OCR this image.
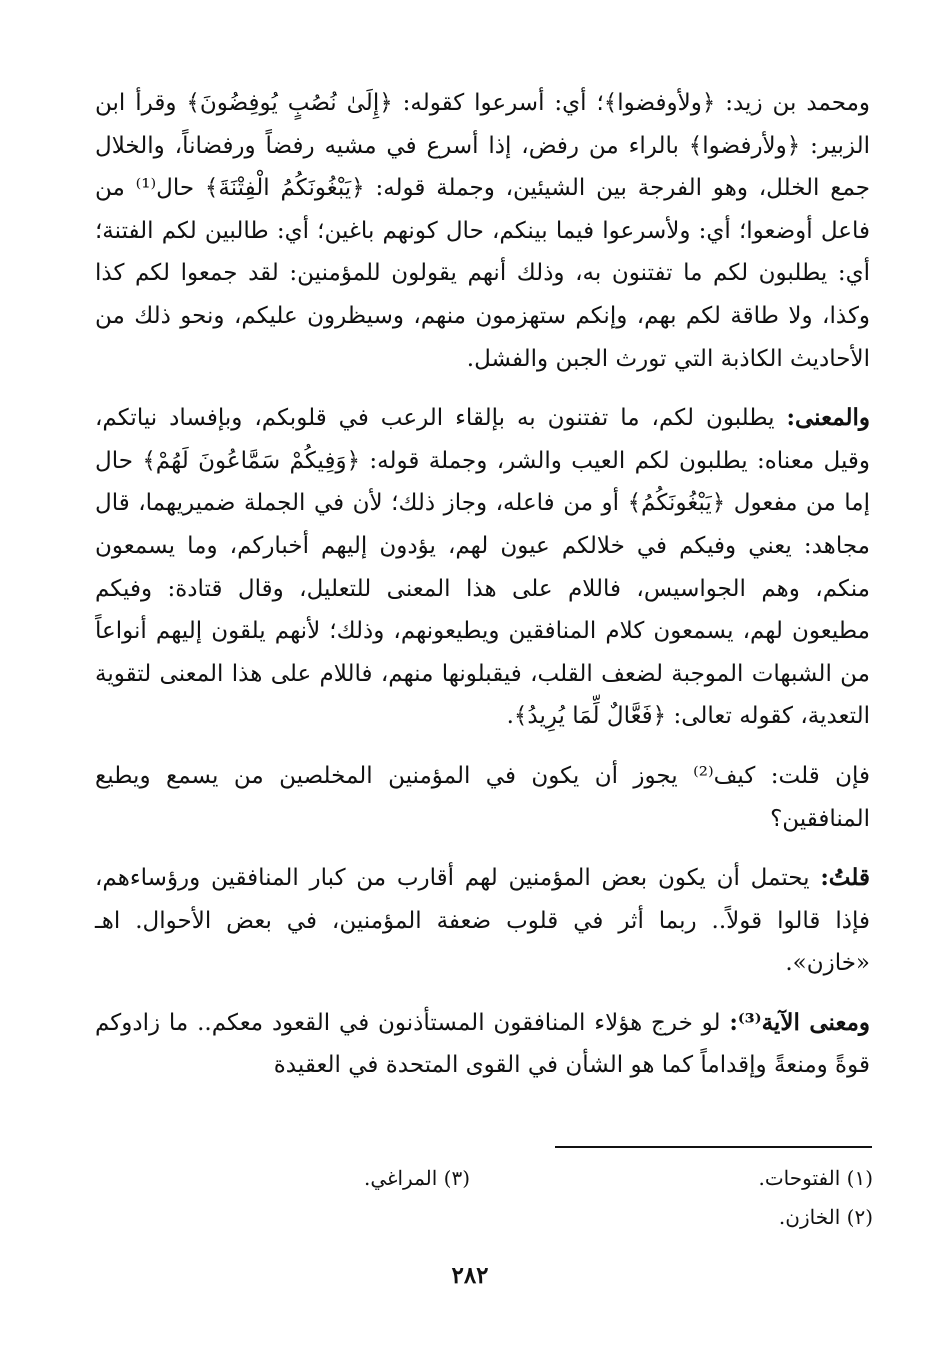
ومحمد بن زيد: ﴿ولأوفضوا﴾؛ أي: أسرعوا كقوله: ﴿إِلَىٰ نُصُبٍ يُوفِضُونَ﴾ وقرأ ابن الزبير: ﴿ولأرفضوا﴾ بالراء من رفض، إذا أسرع في مشيه رفضاً ورفضاناً، والخلال جمع الخلل، وهو الفرجة بين الشيئين، وجملة قوله: ﴿يَبْغُونَكُمُ الْفِتْنَةَ﴾ حال⁽¹⁾ من فاعل أوضعوا؛ أي: ولأسرعوا فيما بينكم، حال كونهم باغين؛ أي: طالبين لكم الفتنة؛ أي: يطلبون لكم ما تفتنون به، وذلك أنهم يقولون للمؤمنين: لقد جمعوا لكم كذا وكذا، ولا طاقة لكم بهم، وإنكم ستهزمون منهم، وسيظرون عليكم، ونحو ذلك من الأحاديث الكاذبة التي تورث الجبن والفشل.

والمعنى: يطلبون لكم، ما تفتنون به بإلقاء الرعب في قلوبكم، وبإفساد نياتكم، وقيل معناه: يطلبون لكم العيب والشر، وجملة قوله: ﴿وَفِيكُمْ سَمَّاعُونَ لَهُمْ﴾ حال إما من مفعول ﴿يَبْغُونَكُمُ﴾ أو من فاعله، وجاز ذلك؛ لأن في الجملة ضميريهما، قال مجاهد: يعني وفيكم في خلالكم عيون لهم، يؤدون إليهم أخباركم، وما يسمعون منكم، وهم الجواسيس، فاللام على هذا المعنى للتعليل، وقال قتادة: وفيكم مطيعون لهم، يسمعون كلام المنافقين ويطيعونهم، وذلك؛ لأنهم يلقون إليهم أنواعاً من الشبهات الموجبة لضعف القلب، فيقبلونها منهم، فاللام على هذا المعنى لتقوية التعدية، كقوله تعالى: ﴿فَعَّالٌ لِّمَا يُرِيدُ﴾.

فإن قلت: كيف⁽²⁾ يجوز أن يكون في المؤمنين المخلصين من يسمع ويطيع المنافقين؟

قلتُ: يحتمل أن يكون بعض المؤمنين لهم أقارب من كبار المنافقين ورؤساءهم، فإذا قالوا قولاً.. ربما أثر في قلوب ضعفة المؤمنين، في بعض الأحوال. اهـ «خازن».

ومعنى الآية⁽³⁾: لو خرج هؤلاء المنافقون المستأذنون في القعود معكم.. ما زادوكم قوةً ومنعةً وإقداماً كما هو الشأن في القوى المتحدة في العقيدة

(١) الفتوحات.
(٢) الخازن.
(٣) المراغي.
٢٨٢
